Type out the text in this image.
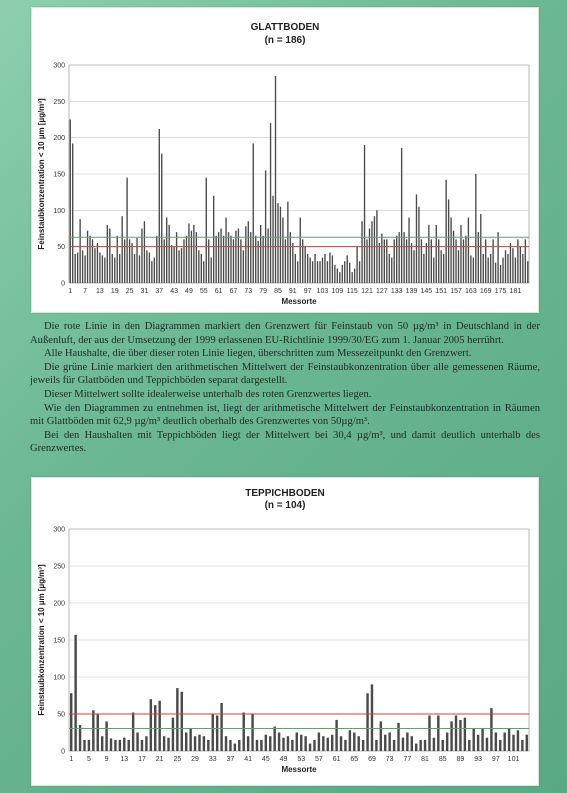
GLATTBODEN
(n = 186)
0
50
100
150
200
250
300
1 7 13 19 25 31 37 43 49 55 61 67 73 79 85 91 97 103 109 115 121 127 133 139 145 151 157 163 169 175 181
Messorte
Feinstaubkonzentration < 10 µm [µg/m³]

Die rote Linie in den Diagrammen markiert den Grenzwert für Feinstaub von 50 µg/m³ in Deutschland in der Außenluft, der aus der Umsetzung der 1999 erlassenen EU-Richtlinie 1999/30/EG zum 1. Januar 2005 herrührt.

Alle Haushalte, die über dieser roten Linie liegen, überschritten zum Messezeitpunkt den Grenzwert.

Die grüne Linie markiert den arithmetischen Mittelwert der Feinstaubkonzentration über alle gemessenen Räume, jeweils für Glattböden und Teppichböden separat dargestellt.

Dieser Mittelwert sollte idealerweise unterhalb des roten Grenzwertes liegen.

Wie den Diagrammen zu entnehmen ist, liegt der arithmetische Mittelwert der Feinstaubkonzentration in Räumen mit Glattböden mit 62,9 µg/m³ deutlich oberhalb des Grenzwertes von 50µg/m³.

Bei den Haushalten mit Teppichböden liegt der Mittelwert bei 30,4 µg/m³, und damit deutlich unterhalb des Grenzwertes.

TEPPICHBODEN
(n = 104)
0
50
100
150
200
250
300
1 5 9 13 17 21 25 29 33 37 41 45 49 53 57 61 65 69 73 77 81 85 89 93 97 101
Messorte
Feinstaubkonzentration < 10 µm [µg/m³]
